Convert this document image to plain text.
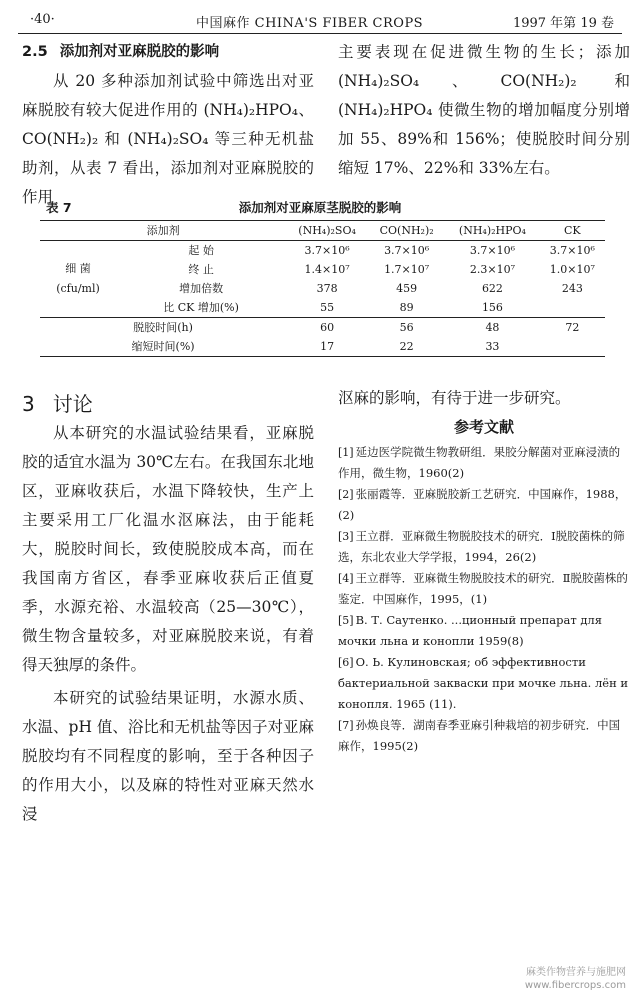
·40·	中国麻作 CHINA'S FIBER CROPS	1997 年第 19 卷

2.5 添加剂对亚麻脱胶的影响

从 20 多种添加剂试验中筛选出对亚麻脱胶有较大促进作用的 (NH₄)₂HPO₄、CO(NH₂)₂ 和 (NH₄)₂SO₄ 等三种无机盐助剂，从表 7 看出，添加剂对亚麻脱胶的作用

主要表现在促进微生物的生长；添加 (NH₄)₂SO₄、CO(NH₂)₂ 和 (NH₄)₂HPO₄ 使微生物的增加幅度分别增加 55、89%和 156%；使脱胶时间分别缩短 17%、22%和 33%左右。

表 7	添加剂对亚麻原茎脱胶的影响
添加剂		(NH₄)₂SO₄	CO(NH₂)₂	(NH₄)₂HPO₄	CK

细 菌
(cfu/ml)	起 始	3.7×10⁶	3.7×10⁶	3.7×10⁶	3.7×10⁶
	终 止	1.4×10⁷	1.7×10⁷	2.3×10⁷	1.0×10⁷
	增加倍数	378	459	622	243
	比 CK 增加(%)	55	89	156	
脱胶时间(h)		60	56	48	72
缩短时间(%)		17	22	33	

3 讨论

从本研究的水温试验结果看，亚麻脱胶的适宜水温为 30℃左右。在我国东北地区，亚麻收获后，水温下降较快，生产上主要采用工厂化温水沤麻法，由于能耗大，脱胶时间长，致使脱胶成本高，而在我国南方省区，春季亚麻收获后正值夏季，水源充裕、水温较高（25—30℃），微生物含量较多，对亚麻脱胶来说，有着得天独厚的条件。

本研究的试验结果证明，水源水质、水温、pH 值、浴比和无机盐等因子对亚麻脱胶均有不同程度的影响，至于各种因子的作用大小，以及麻的特性对亚麻天然水浸

沤麻的影响，有待于进一步研究。

参考文献

[1] 延边医学院微生物教研组．果胶分解菌对亚麻浸渍的作用，微生物，1960(2)

[2] 张丽霞等．亚麻脱胶新工艺研究．中国麻作，1988，(2)

[3] 王立群．亚麻微生物脱胶技术的研究．Ⅰ脱胶菌株的筛选，东北农业大学学报，1994，26(2)

[4] 王立群等．亚麻微生物脱胶技术的研究．Ⅱ脱胶菌株的鉴定．中国麻作，1995，(1)

[5] В. Т. Саутенко. ...ционный препарат для мочки льна и конопли 1959(8)

[6] О. Ь. Кулиновская; об эффективности бактериальной закваски при мочке льна. лён и конопля. 1965 (11).

[7] 孙焕良等．湖南春季亚麻引种栽培的初步研究．中国麻作，1995(2)

麻类作物营养与施肥网
www.fibercrops.com
